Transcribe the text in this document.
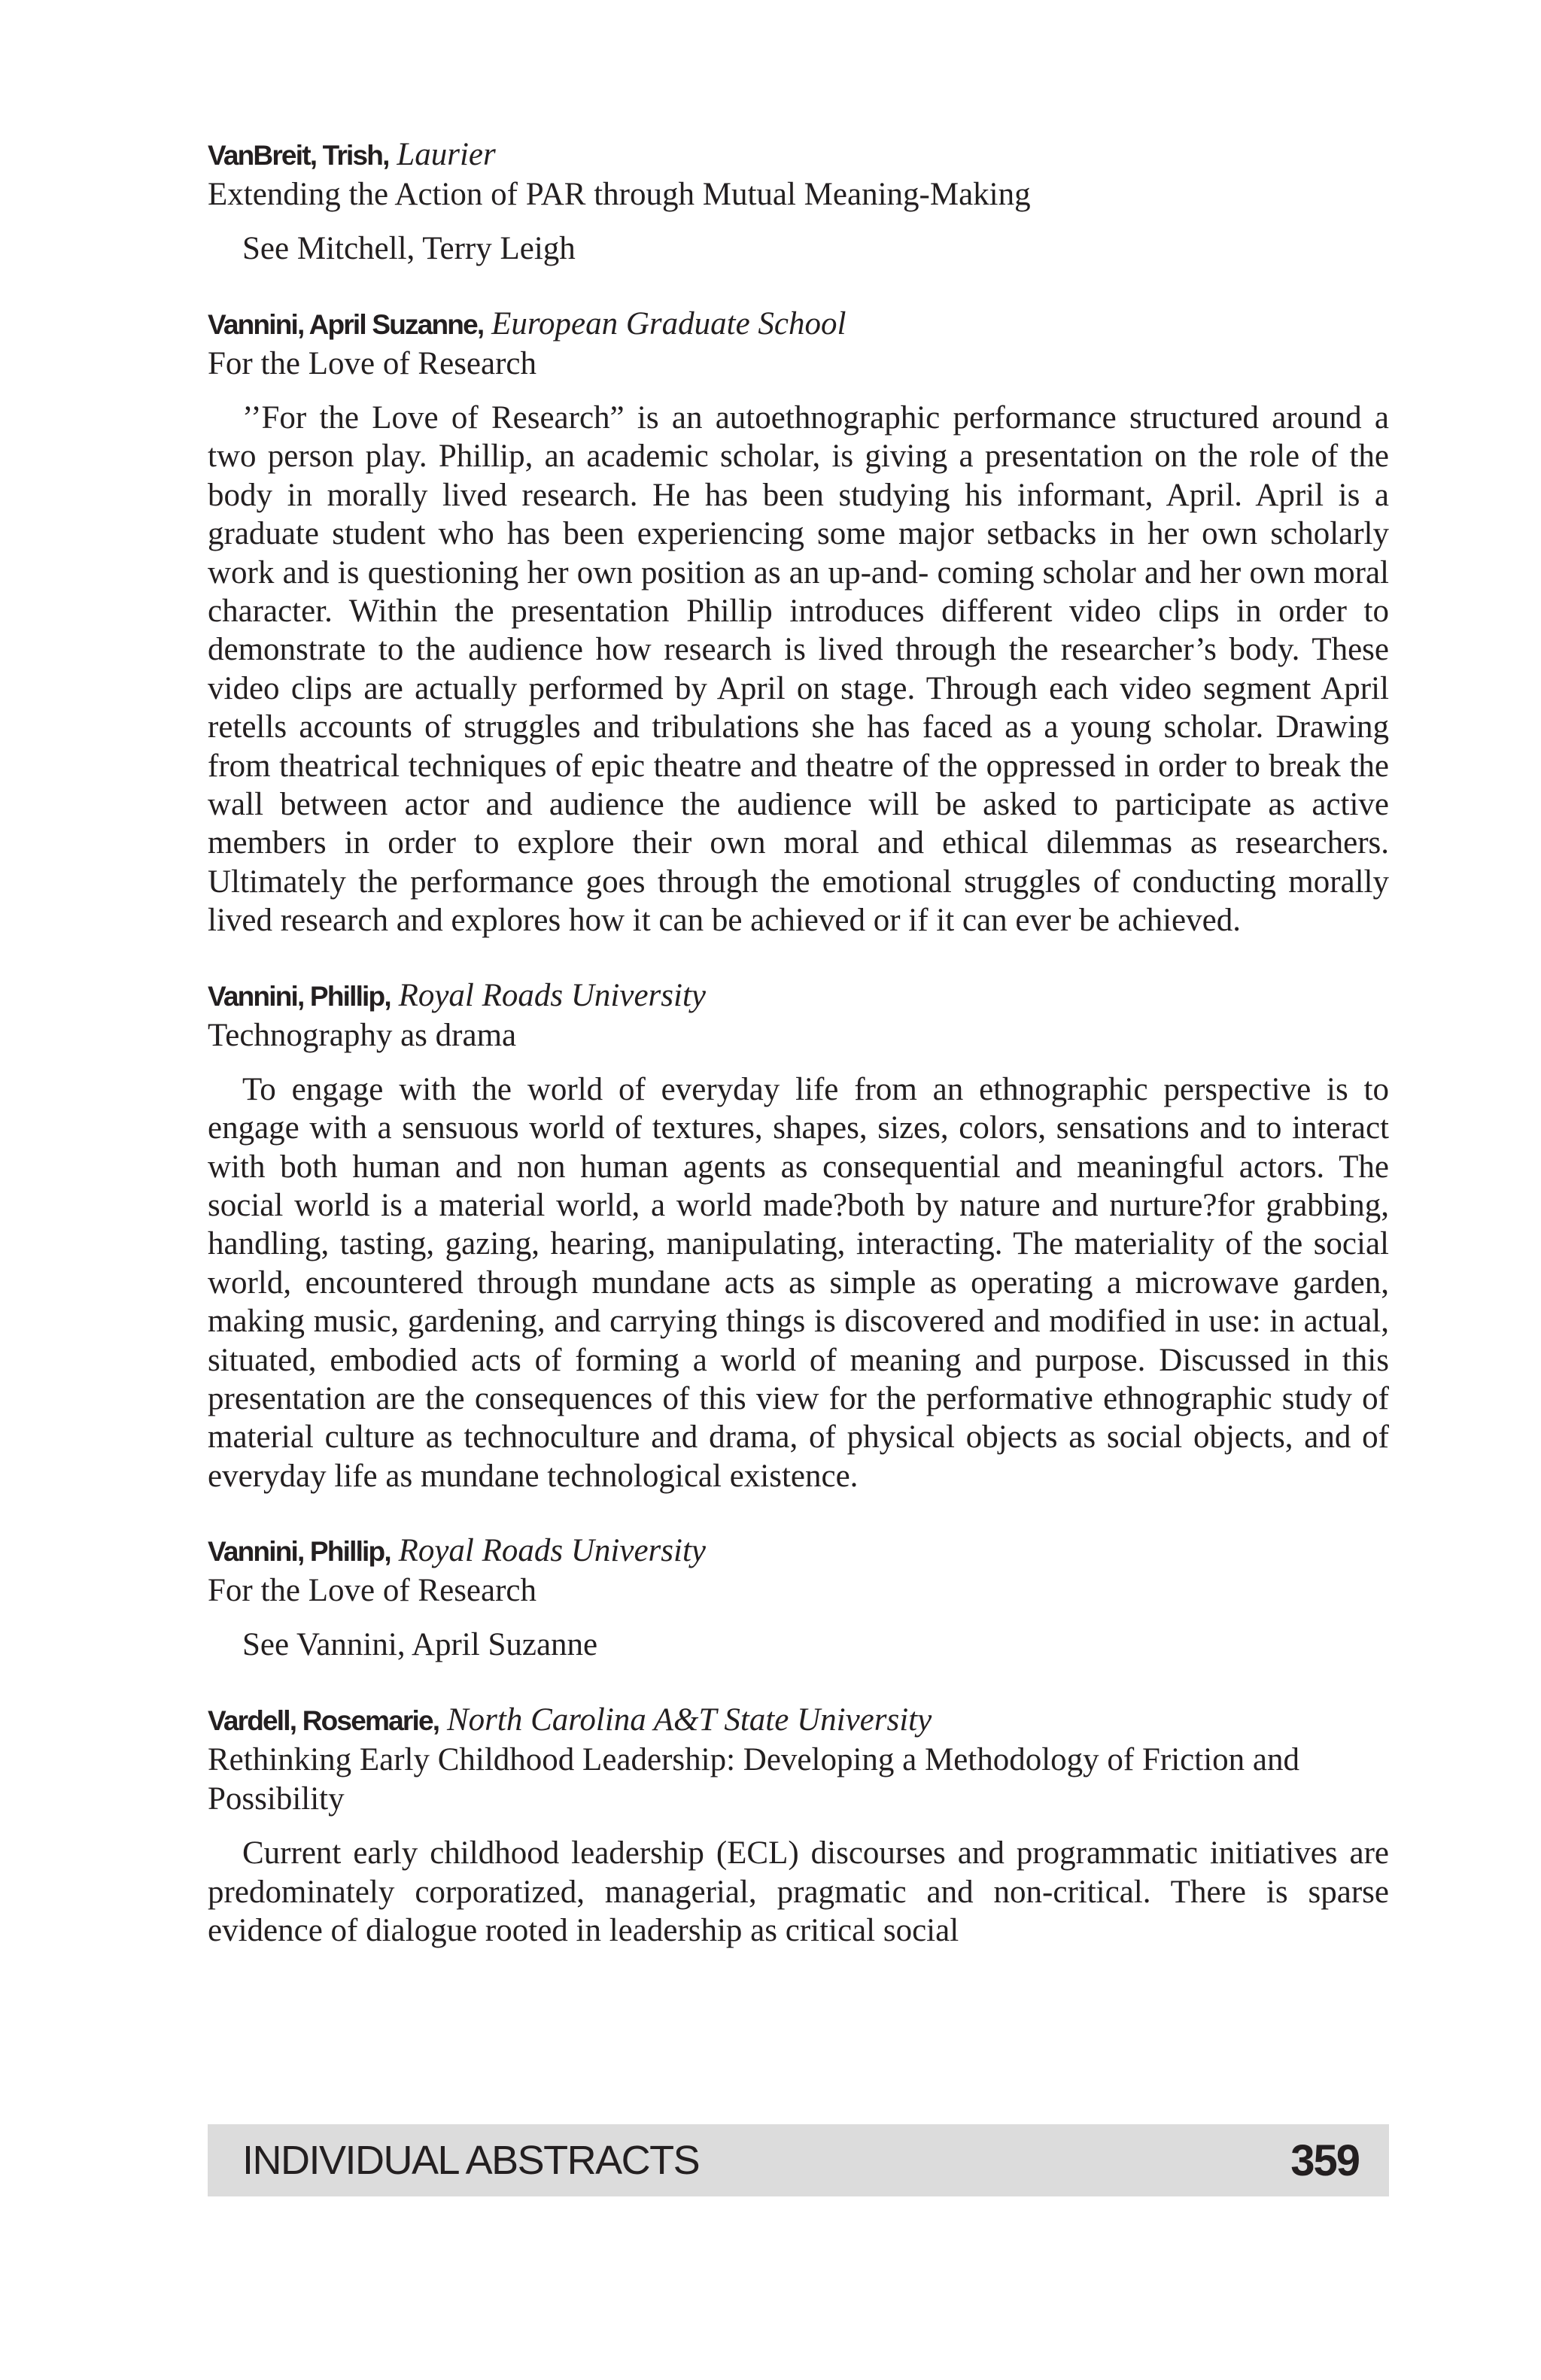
VanBreit, Trish, Laurier

Extending the Action of PAR through Mutual Meaning-Making

See Mitchell, Terry Leigh

Vannini, April Suzanne, European Graduate School

For the Love of Research

’’For the Love of Research” is an autoethnographic performance structured around a two person play. Phillip, an academic scholar, is giving a presentation on the role of the body in morally lived research. He has been studying his informant, April. April is a graduate student who has been experiencing some major setbacks in her own scholarly work and is questioning her own position as an up-and- coming scholar and her own moral character. Within the presentation Phillip introduces different video clips in order to demonstrate to the audience how research is lived through the researcher’s body. These video clips are actually performed by April on stage. Through each video segment April retells accounts of struggles and tribulations she has faced as a young scholar. Drawing from theatrical techniques of epic theatre and theatre of the oppressed in order to break the wall between actor and audience the audience will be asked to participate as active members in order to explore their own moral and ethical dilemmas as researchers. Ultimately the performance goes through the emotional struggles of conducting morally lived research and explores how it can be achieved or if it can ever be achieved.

Vannini, Phillip, Royal Roads University

Technography as drama

To engage with the world of everyday life from an ethnographic perspective is to engage with a sensuous world of textures, shapes, sizes, colors, sensations and to interact with both human and non human agents as consequential and meaningful actors. The social world is a material world, a world made?both by nature and nurture?for grabbing, handling, tasting, gazing, hearing, manipulating, interacting. The materiality of the social world, encountered through mundane acts as simple as operating a microwave garden, making music, gardening, and carrying things is discovered and modified in use: in actual, situated, embodied acts of forming a world of meaning and purpose. Discussed in this presentation are the consequences of this view for the performative ethnographic study of material culture as technoculture and drama, of physical objects as social objects, and of everyday life as mundane technological existence.

Vannini, Phillip, Royal Roads University

For the Love of Research

See Vannini, April Suzanne

Vardell, Rosemarie, North Carolina A&T State University

Rethinking Early Childhood Leadership: Developing a Methodology of Friction and Possibility

Current early childhood leadership (ECL) discourses and programmatic initiatives are predominately corporatized, managerial, pragmatic and non-critical. There is sparse evidence of dialogue rooted in leadership as critical social

INDIVIDUAL ABSTRACTS	359
